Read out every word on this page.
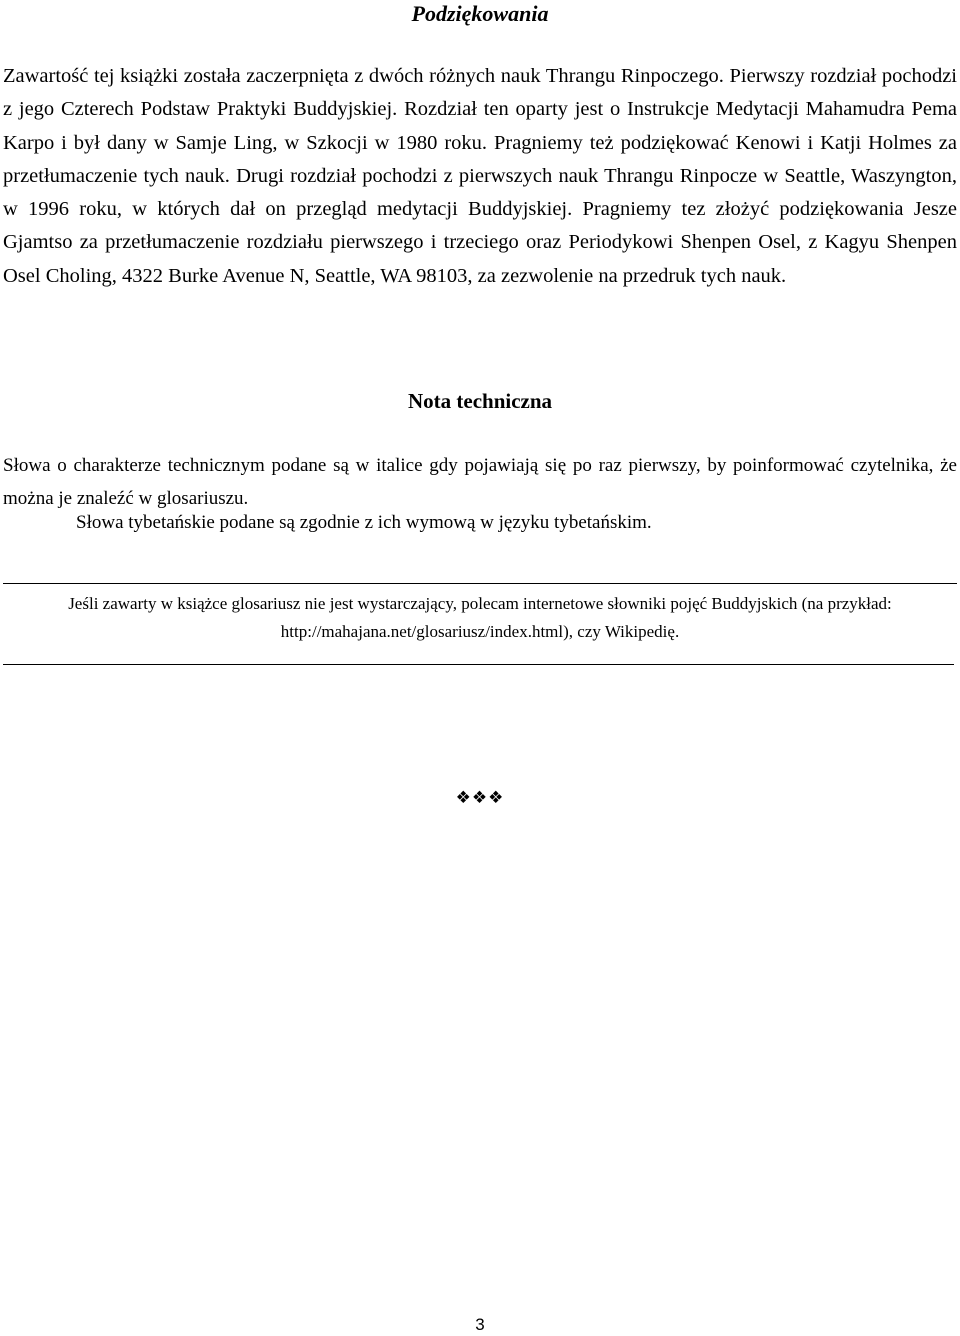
Podziękowania
Zawartość tej książki została zaczerpnięta z dwóch różnych nauk Thrangu Rinpoczego. Pierwszy rozdział pochodzi z jego Czterech Podstaw Praktyki Buddyjskiej. Rozdział ten oparty jest o Instrukcje Medytacji Mahamudra Pema Karpo i był dany w Samje Ling, w Szkocji w 1980 roku. Pragniemy też podziękować Kenowi i Katji Holmes za przetłumaczenie tych nauk. Drugi rozdział pochodzi z pierwszych nauk Thrangu Rinpocze w Seattle, Waszyngton, w 1996 roku, w których dał on przegląd medytacji Buddyjskiej. Pragniemy tez złożyć podziękowania Jesze Gjamtso za przetłumaczenie rozdziału pierwszego i trzeciego oraz Periodykowi Shenpen Osel, z Kagyu Shenpen Osel Choling, 4322 Burke Avenue N, Seattle, WA 98103, za zezwolenie na przedruk tych nauk.
Nota techniczna
Słowa o charakterze technicznym podane są w italice gdy pojawiają się po raz pierwszy, by poinformować czytelnika, że można je znaleźć w glosariuszu.
Słowa tybetańskie podane są zgodnie z ich wymową w języku tybetańskim.
Jeśli zawarty w książce glosariusz nie jest wystarczający, polecam internetowe słowniki pojęć Buddyjskich (na przykład: http://mahajana.net/glosariusz/index.html), czy Wikipedię.
❖❖❖
3
